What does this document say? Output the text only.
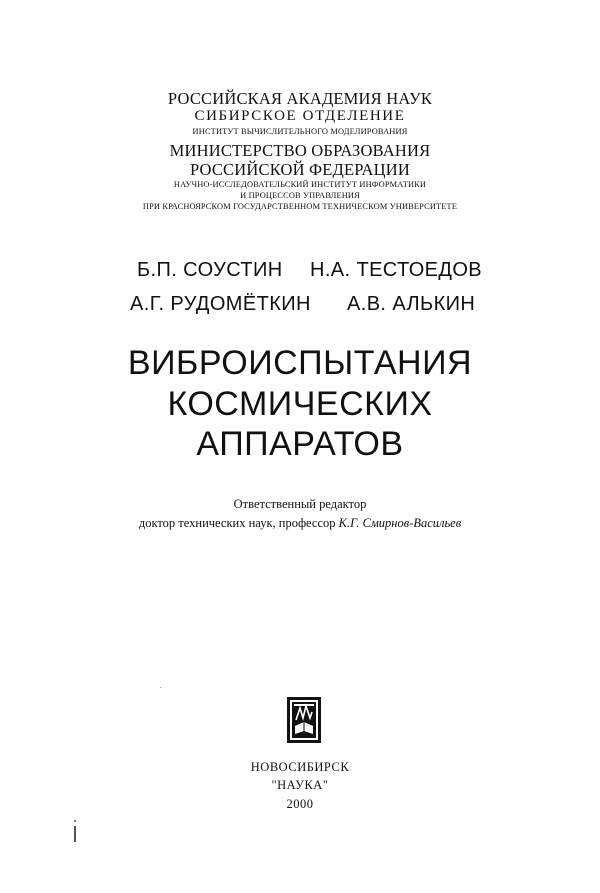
РОССИЙСКАЯ АКАДЕМИЯ НАУК
СИБИРСКОЕ ОТДЕЛЕНИЕ
ИНСТИТУТ ВЫЧИСЛИТЕЛЬНОГО МОДЕЛИРОВАНИЯ
МИНИСТЕРСТВО ОБРАЗОВАНИЯ
РОССИЙСКОЙ ФЕДЕРАЦИИ
НАУЧНО-ИССЛЕДОВАТЕЛЬСКИЙ ИНСТИТУТ ИНФОРМАТИКИ
И ПРОЦЕССОВ УПРАВЛЕНИЯ
ПРИ КРАСНОЯРСКОМ ГОСУДАРСТВЕННОМ ТЕХНИЧЕСКОМ УНИВЕРСИТЕТЕ
Б.П. СОУСТИН Н.А. ТЕСТОЕДОВ
А.Г. РУДОМЁТКИН А.В. АЛЬКИН
ВИБРОИСПЫТАНИЯ
КОСМИЧЕСКИХ
АППАРАТОВ
Ответственный редактор
доктор технических наук, профессор К.Г. Смирнов-Васильев
НОВОСИБИРСК
"НАУКА"
2000
